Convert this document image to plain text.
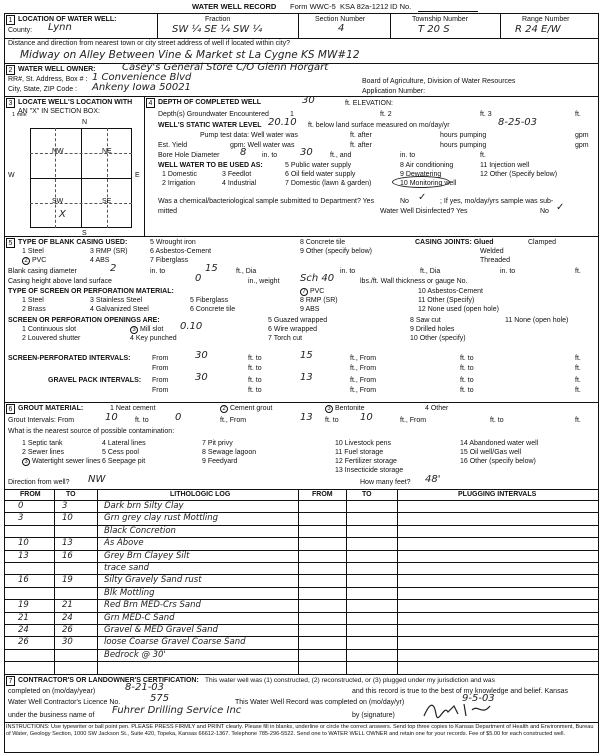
WATER WELL RECORD Form WWC-5 KSA 82a-1212 ID No.
1 LOCATION OF WATER WELL:
County: Lynn
Fraction
SW ¼ SE ¼ SW ¼
Section Number
4
Township Number
T 20 S
Range Number
R 24 E/W
Distance and direction from nearest town or city street address of well if located within city?
Midway on Alley Between Vine & Market st La Cygne KS MW#12
2 WATER WELL OWNER:	Casey's General Store C/O Glenn Horgart
RR#, St. Address, Box # : 1 Convenience Blvd	Board of Agriculture, Division of Water Resources
City, State, ZIP Code : Ankeny Iowa 50021	Application Number:
3 LOCATE WELL'S LOCATION WITH
AN "X" IN SECTION BOX:
N
W	E
S
NW	NE
SW	SE
X
1 mile
4 DEPTH OF COMPLETED WELL	30	ft. ELEVATION:
Depth(s) Groundwater Encountered	1	ft. 2	ft. 3	ft.
WELL'S STATIC WATER LEVEL 20.10 ft. below land surface measured on mo/day/yr	8-25-03
Pump test data: Well water was	ft. after	hours pumping	gpm
Est. Yield	gpm: Well water was	ft. after	hours pumping	gpm
Bore Hole Diameter 8 in. to 30 ft., and	in. to	ft.
WELL WATER TO BE USED AS:	5 Public water supply	8 Air conditioning	11 Injection well
1 Domestic	3 Feedlot	6 Oil field water supply	9 Dewatering	12 Other (Specify below)
2 Irrigation	4 Industrial	7 Domestic (lawn & garden)	10 Monitoring well
Was a chemical/bacteriological sample submitted to Department? Yes	No ✓ ; If yes, mo/day/yrs sample was sub-
mitted	Water Well Disinfected? Yes	No ✓
5 TYPE OF BLANK CASING USED:	5 Wrought iron	8 Concrete tile	CASING JOINTS: Glued	Clamped
1 Steel	3 RMP (SR)	6 Asbestos-Cement	9 Other (specify below)	Welded
2 PVC	4 ABS	7 Fiberglass	Threaded
Blank casing diameter	2	in. to	15	ft., Dia	in. to	ft., Dia	in. to	ft.
Casing height above land surface	0	in., weight Sch 40	lbs./ft. Wall thickness or gauge No.
TYPE OF SCREEN OR PERFORATION MATERIAL:	7 PVC	10 Asbestos-Cement
1 Steel	3 Stainless Steel	5 Fiberglass	8 RMP (SR)	11 Other (Specify)
2 Brass	4 Galvanized Steel	6 Concrete tile	9 ABS	12 None used (open hole)
SCREEN OR PERFORATION OPENINGS ARE:	5 Guazed wrapped	8 Saw cut	11 None (open hole)
1 Continuous slot	3 Mill slot 0.10	6 Wire wrapped	9 Drilled holes
2 Louvered shutter	4 Key punched	7 Torch cut	10 Other (specify)
SCREEN-PERFORATED INTERVALS:	From	30	ft. to	15	ft., From	ft. to	ft.
From	ft. to	ft., From	ft. to	ft.
GRAVEL PACK INTERVALS: From	30	ft. to	13	ft., From	ft. to	ft.
From	ft. to	ft., From	ft. to	ft.
6 GROUT MATERIAL:	1 Neat cement	2 Cement grout	3 Bentonite	4 Other
Grout Intervals: From	10 ft. to	0	ft., From	13 ft. to 10	ft., From	ft. to	ft.
What is the nearest source of possible contamination:
1 Septic tank	4 Lateral lines	7 Pit privy	10 Livestock pens	14 Abandoned water well
2 Sewer lines	5 Cess pool	8 Sewage lagoon	11 Fuel storage	15 Oil well/Gas well
3 Watertight sewer lines 6 Seepage pit	9 Feedyard	12 Fertilizer storage	16 Other (specify below)
13 Insecticide storage
Direction from well? NW	How many feet? 48'
FROM	TO	LITHOLOGIC LOG	FROM	TO	PLUGGING INTERVALS
0	3	Dark brn Silty Clay
3	10	Grn grey clay rust Mottling
Black Concretion
10	13	As Above
13	16	Grey Brn Clayey Silt
trace sand
16	19	Silty Gravely Sand rust
Blk Mottling
19	21	Red Brn MED-Crs Sand
21	24	Grn MED-C Sand
24	26	Gravel & MED Gravel Sand
26	30	loose Coarse Gravel Coarse Sand
Bedrock @ 30'
7 CONTRACTOR'S OR LANDOWNER'S CERTIFICATION: This water well was (1) constructed, (2) reconstructed, or (3) plugged under my jurisdiction and was
completed on (mo/day/year)	8-21-03	and this record is true to the best of my knowledge and belief. Kansas
Water Well Contractor's Licence No.	575	This Water Well Record was completed on (mo/day/yr)	9-5-03
under the business name of Fuhrer Drilling Service Inc	by (signature)
INSTRUCTIONS: Use typewriter or ball point pen. PLEASE PRESS FIRMLY and PRINT clearly. Please fill in blanks, underline or circle the correct answers. Send top three copies to Kansas Department of Health and Environment, Bureau of Water, Geology Section, 1000 SW Jackson St., Suite 420, Topeka, Kansas 66612-1367. Telephone 785-296-5522. Send one to WATER WELL OWNER and retain one for your records. Fee of $5.00 for each constructed well.
